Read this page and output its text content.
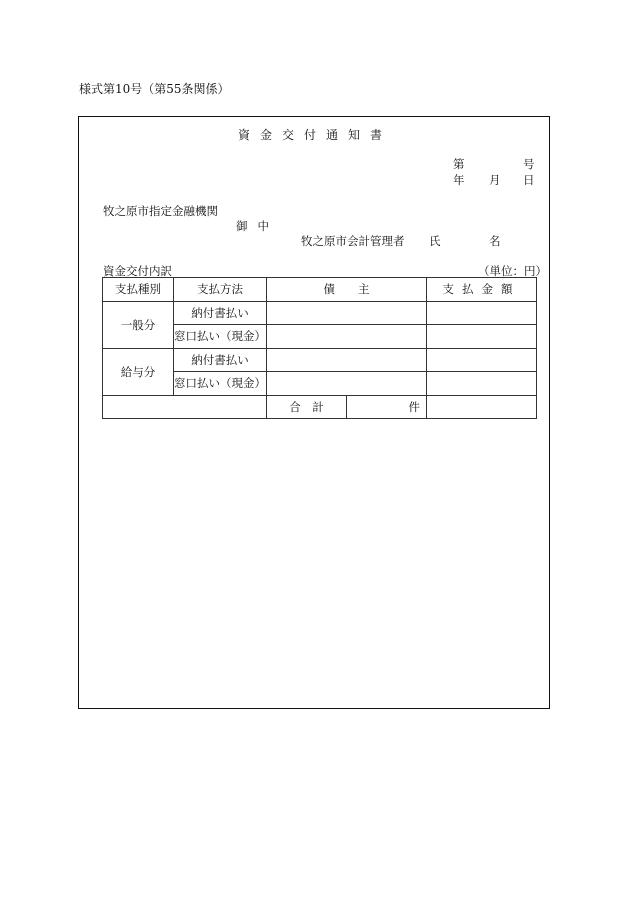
様式第10号（第55条関係）
資金交付通知書
第	号
年 月 日
牧之原市指定金融機関
御中
牧之原市会計管理者 氏	名
資金交付内訳	（単位：円）
支払種別	支払方法	債　　主		支払金額
一般分	納付書払い			
	窓口払い（現金）			
給与分	納付書払い			
	窓口払い（現金）			
		合　計	件	
